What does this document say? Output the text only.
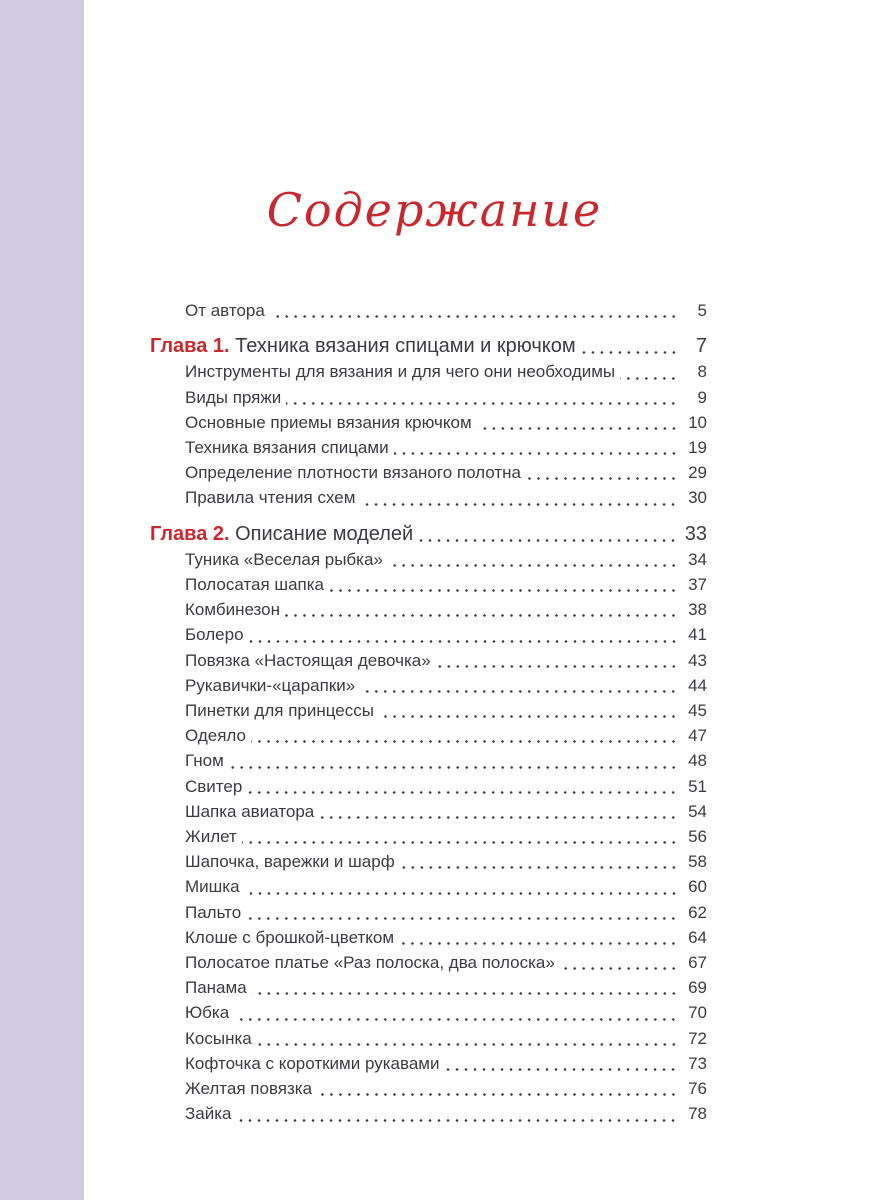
Содержание
От автора	5
Глава 1. Техника вязания спицами и крючком	7
Инструменты для вязания и для чего они необходимы	8
Виды пряжи	9
Основные приемы вязания крючком	10
Техника вязания спицами	19
Определение плотности вязаного полотна	29
Правила чтения схем	30
Глава 2. Описание моделей	33
Туника «Веселая рыбка»	34
Полосатая шапка	37
Комбинезон	38
Болеро	41
Повязка «Настоящая девочка»	43
Рукавички-«царапки»	44
Пинетки для принцессы	45
Одеяло	47
Гном	48
Свитер	51
Шапка авиатора	54
Жилет	56
Шапочка, варежки и шарф	58
Мишка	60
Пальто	62
Клоше с брошкой-цветком	64
Полосатое платье «Раз полоска, два полоска»	67
Панама	69
Юбка	70
Косынка	72
Кофточка с короткими рукавами	73
Желтая повязка	76
Зайка	78
